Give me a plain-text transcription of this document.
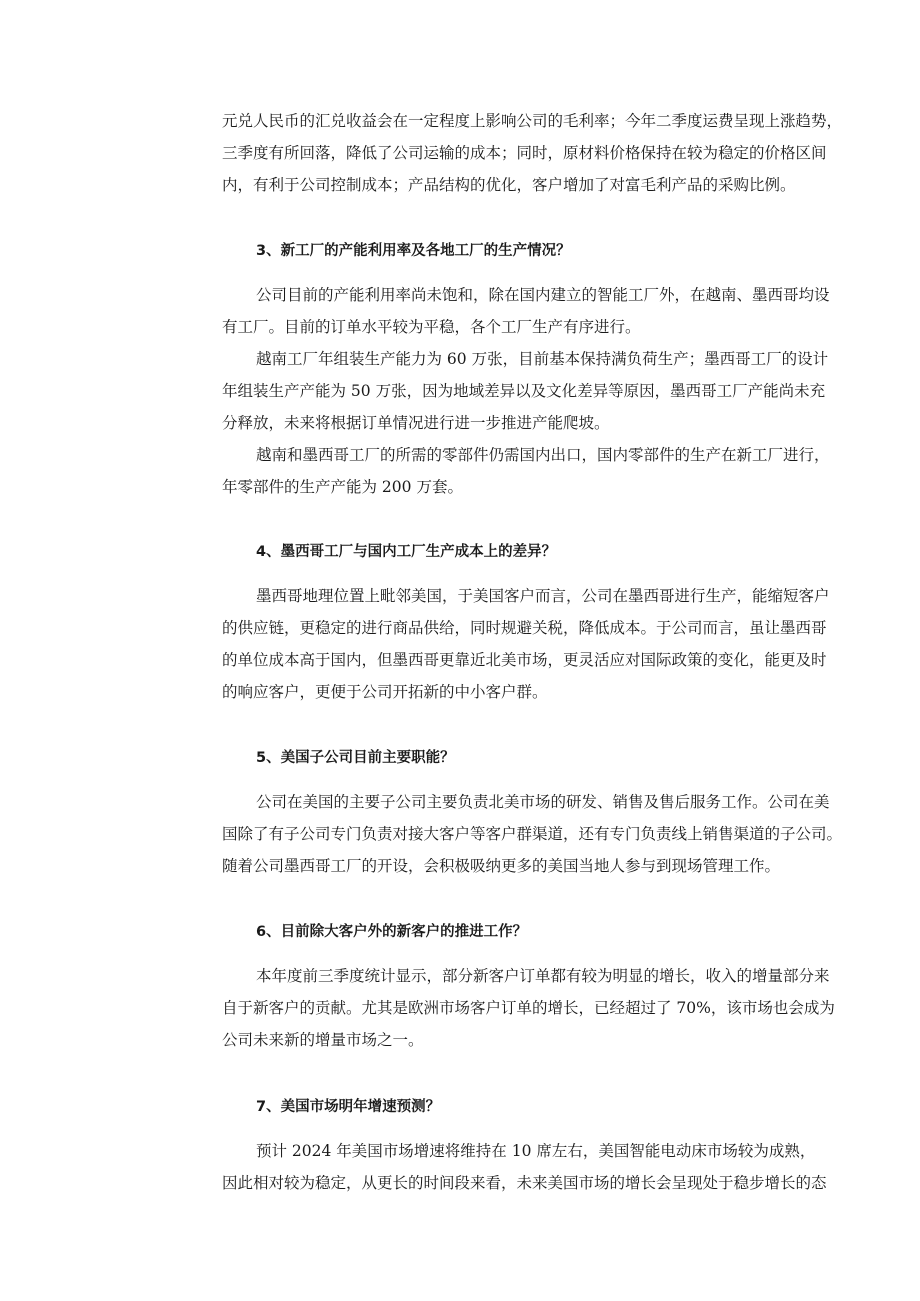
元兑人民币的汇兑收益会在一定程度上影响公司的毛利率；今年二季度运费呈现上涨趋势，
三季度有所回落，降低了公司运输的成本；同时，原材料价格保持在较为稳定的价格区间
内，有利于公司控制成本；产品结构的优化，客户增加了对富毛利产品的采购比例。
3、新工厂的产能利用率及各地工厂的生产情况？
公司目前的产能利用率尚未饱和，除在国内建立的智能工厂外，在越南、墨西哥均设
有工厂。目前的订单水平较为平稳，各个工厂生产有序进行。
越南工厂年组装生产能力为 60 万张，目前基本保持满负荷生产；墨西哥工厂的设计
年组装生产产能为 50 万张，因为地域差异以及文化差异等原因，墨西哥工厂产能尚未充
分释放，未来将根据订单情况进行进一步推进产能爬坡。
越南和墨西哥工厂的所需的零部件仍需国内出口，国内零部件的生产在新工厂进行，
年零部件的生产产能为 200 万套。
4、墨西哥工厂与国内工厂生产成本上的差异？
墨西哥地理位置上毗邻美国，于美国客户而言，公司在墨西哥进行生产，能缩短客户
的供应链，更稳定的进行商品供给，同时规避关税，降低成本。于公司而言，虽让墨西哥
的单位成本高于国内，但墨西哥更靠近北美市场，更灵活应对国际政策的变化，能更及时
的响应客户，更便于公司开拓新的中小客户群。
5、美国子公司目前主要职能？
公司在美国的主要子公司主要负责北美市场的研发、销售及售后服务工作。公司在美
国除了有子公司专门负责对接大客户等客户群渠道，还有专门负责线上销售渠道的子公司。
随着公司墨西哥工厂的开设，会积极吸纳更多的美国当地人参与到现场管理工作。
6、目前除大客户外的新客户的推进工作？
本年度前三季度统计显示，部分新客户订单都有较为明显的增长，收入的增量部分来
自于新客户的贡献。尤其是欧洲市场客户订单的增长，已经超过了 70%，该市场也会成为
公司未来新的增量市场之一。
7、美国市场明年增速预测？
预计 2024 年美国市场增速将维持在 10 席左右，美国智能电动床市场较为成熟，
因此相对较为稳定，从更长的时间段来看，未来美国市场的增长会呈现处于稳步增长的态
